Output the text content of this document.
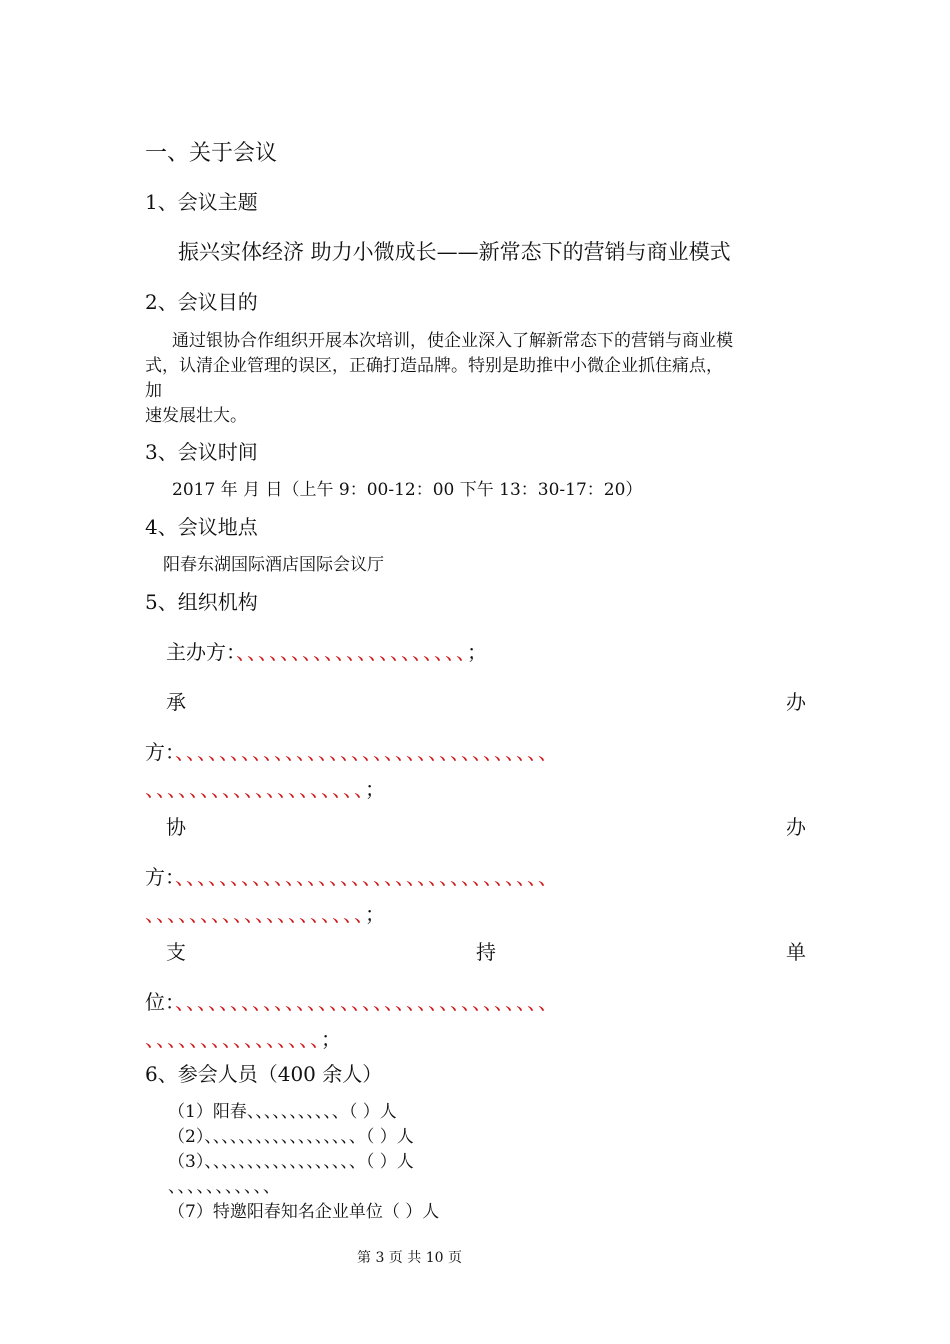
一、关于会议
1、会议主题
振兴实体经济 助力小微成长——新常态下的营销与商业模式
2、会议目的
通过银协合作组织开展本次培训，使企业深入了解新常态下的营销与商业模
式，认清企业管理的误区，正确打造品牌。特别是助推中小微企业抓住痛点，
加
速发展壮大。
3、会议时间
2017 年 月 日（上午 9：00-12：00 下午 13：30-17：20）
4、会议地点
阳春东湖国际酒店国际会议厅
5、组织机构
主办方：、、、、、、、、、、、、、、、、、、、、、；
承	办
方：、、、、、、、、、、、、、、、、、、、、、、、、、、、、、、、、、、
、、、、、、、、、、、、、、、、、、、、；
协	办
方：、、、、、、、、、、、、、、、、、、、、、、、、、、、、、、、、、、
、、、、、、、、、、、、、、、、、、、、；
支	持	单
位：、、、、、、、、、、、、、、、、、、、、、、、、、、、、、、、、、、
、、、、、、、、、、、、、、、、；
6、参会人员（400 余人）
（1）阳春、、、、、、、、、、、（ ）人
（2）、、、、、、、、、、、、、、、、、、（ ）人
（3）、、、、、、、、、、、、、、、、、、（ ）人
、、、、、、、、、、、
（7）特邀阳春知名企业单位（ ）人
第 3 页 共 10 页
